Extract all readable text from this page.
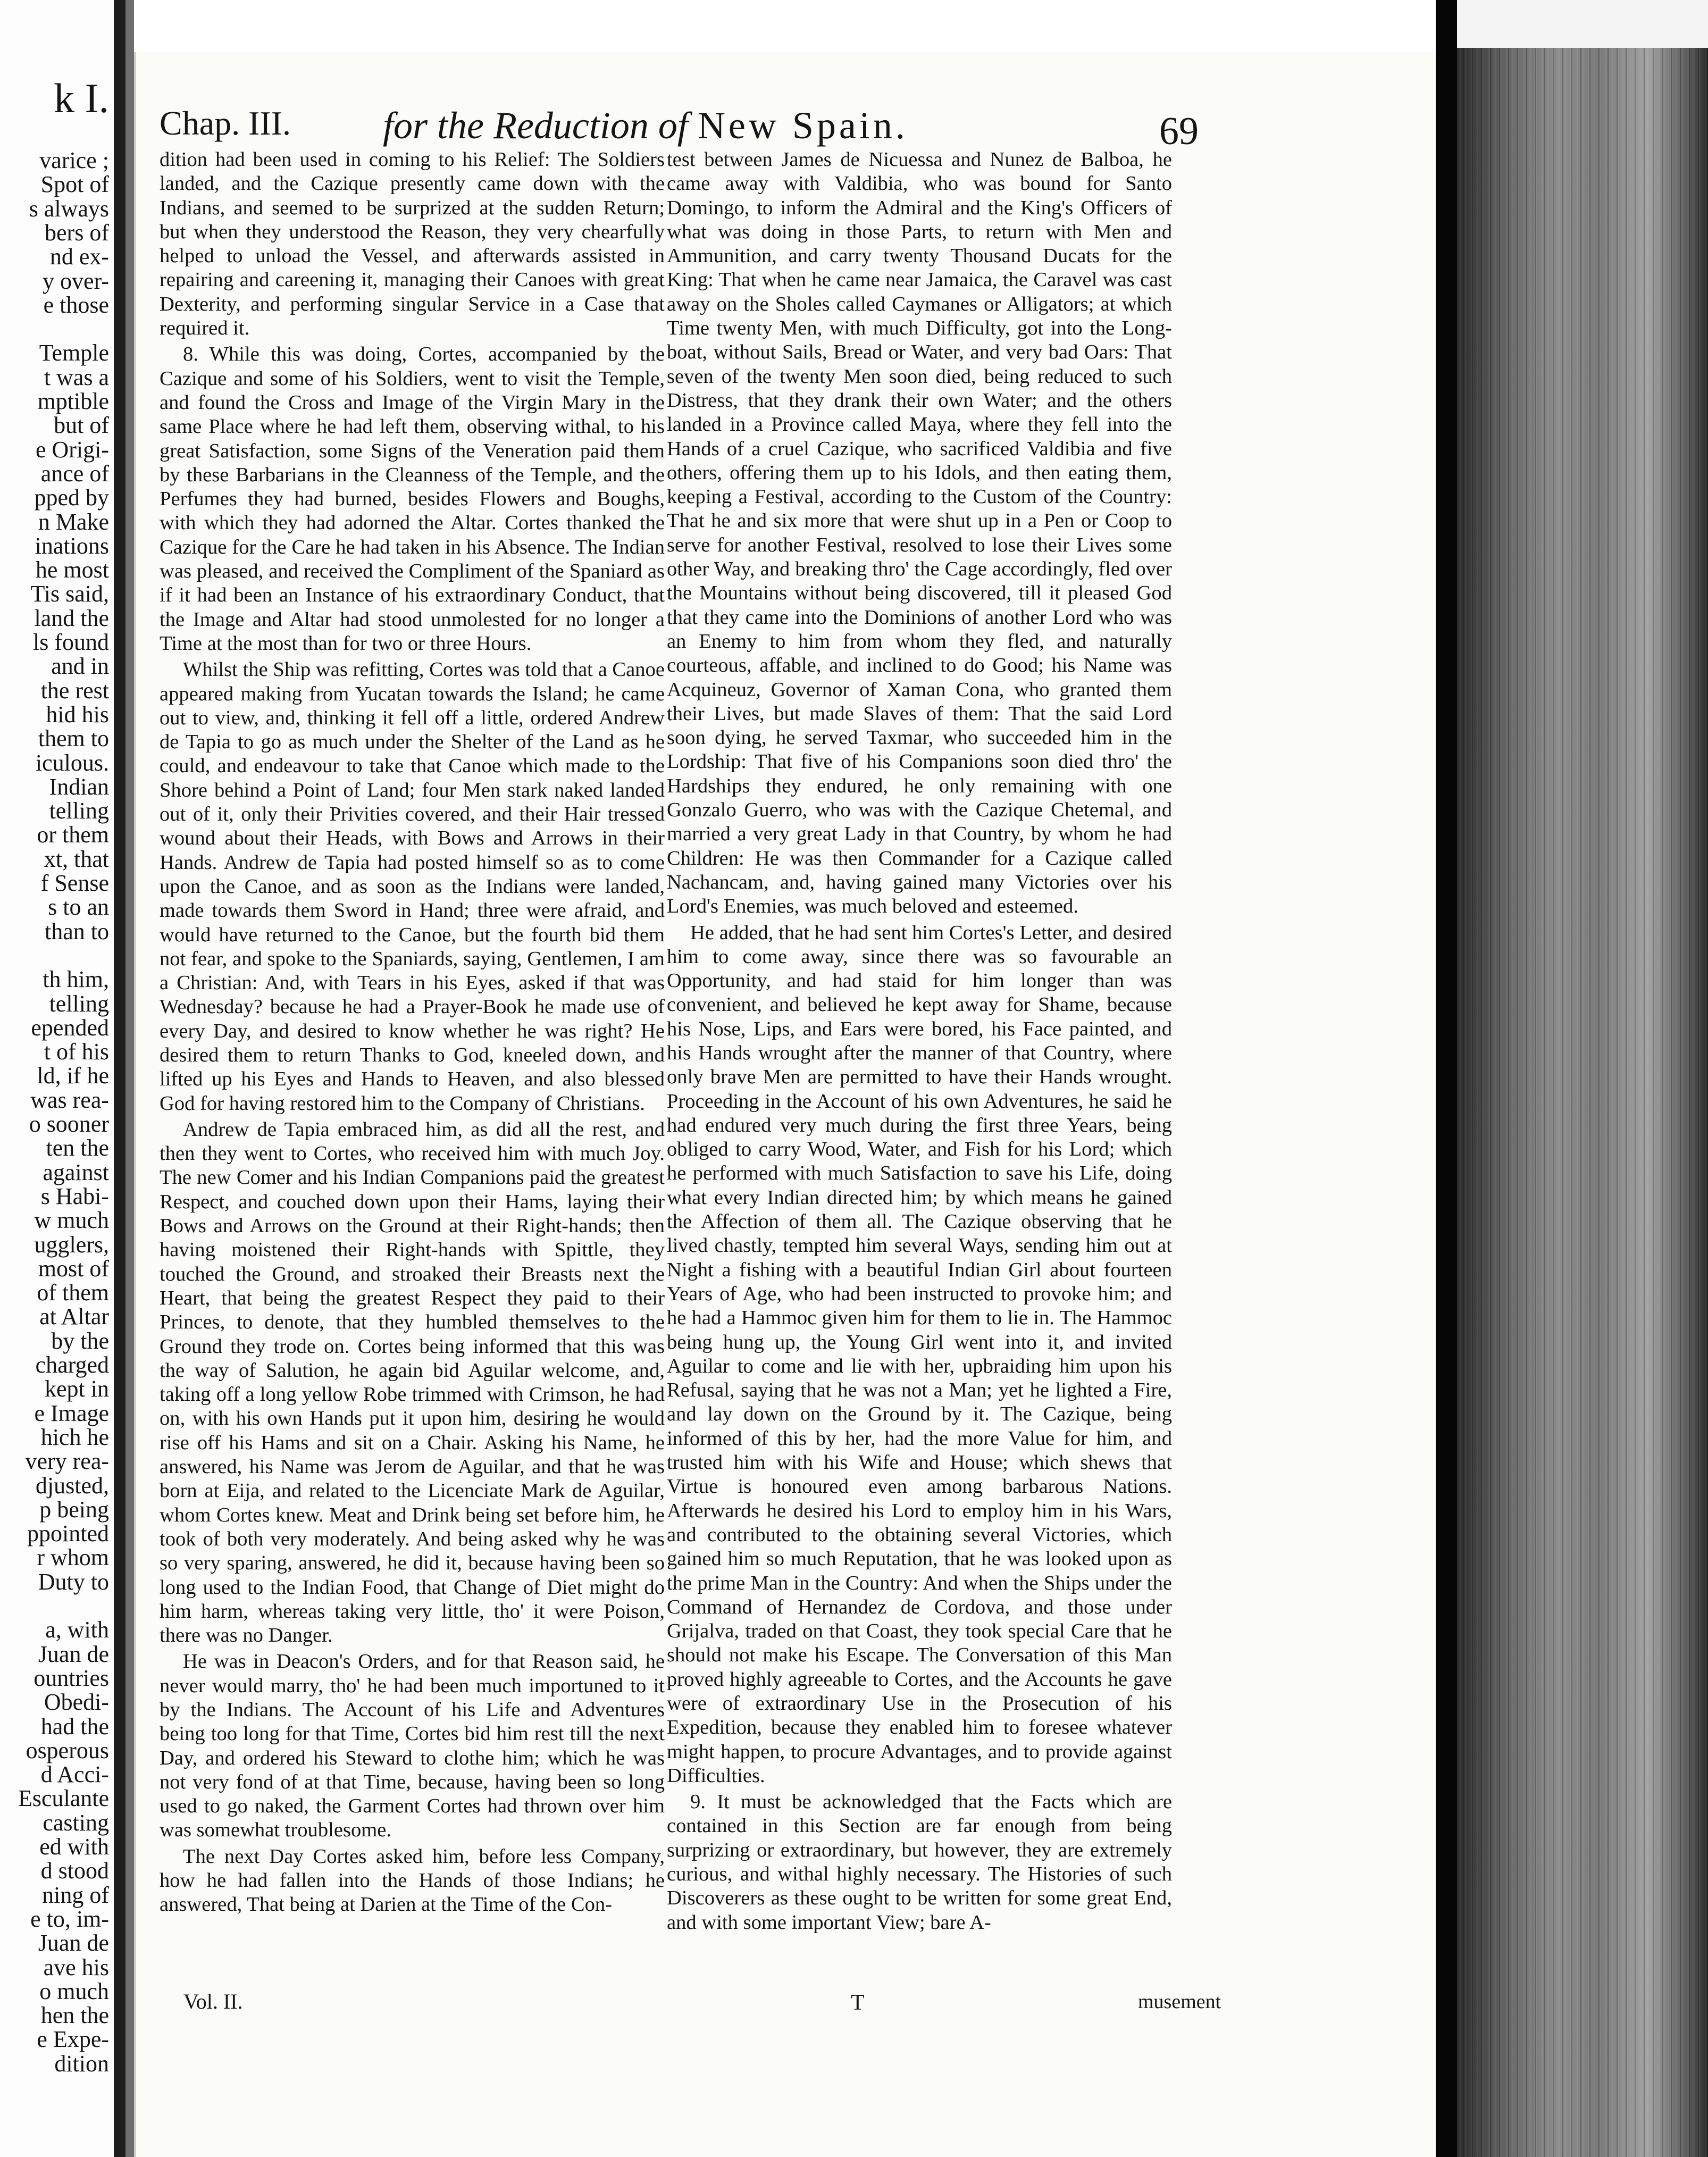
k I.
varice ;
Spot of
s always
bers of
nd ex-
y over-
e those
Temple
t was a
mptible
but of
e Origi-
ance of
pped by
n Make
inations
he most
Tis said,
land the
ls found
and in
the rest
hid his
them to
iculous.
Indian
telling
or them
xt, that
f Sense
s to an
than to
th him,
telling
epended
t of his
ld, if he
was rea-
o sooner
ten the
against
s Habi-
w much
ugglers,
most of
of them
at Altar
by the
charged
kept in
e Image
hich he
very rea-
djusted,
p being
ppointed
r whom
Duty to
a, with
Juan de
ountries
Obedi-
had the
osperous
d Acci-
Esculante
casting
ed with
d stood
ning of
e to, im-
Juan de
ave his
o much
hen the
e Expe-
dition
Chap. III. for the Reduction of New Spain.	69

dition had been used in coming to his Relief: The Soldiers landed, and the Cazique presently came down with the Indians, and seemed to be surprized at the sudden Return; but when they understood the Reason, they very chearfully helped to unload the Vessel, and afterwards assisted in repairing and careening it, managing their Canoes with great Dexterity, and performing singular Service in a Case that required it.

8. While this was doing, Cortes, accompanied by the Cazique and some of his Soldiers, went to visit the Temple, and found the Cross and Image of the Virgin Mary in the same Place where he had left them, observing withal, to his great Satisfaction, some Signs of the Veneration paid them by these Barbarians in the Cleanness of the Temple, and the Perfumes they had burned, besides Flowers and Boughs, with which they had adorned the Altar. Cortes thanked the Cazique for the Care he had taken in his Absence. The Indian was pleased, and received the Compliment of the Spaniard as if it had been an Instance of his extraordinary Conduct, that the Image and Altar had stood unmolested for no longer a Time at the most than for two or three Hours.

Whilst the Ship was refitting, Cortes was told that a Canoe appeared making from Yucatan towards the Island; he came out to view, and, thinking it fell off a little, ordered Andrew de Tapia to go as much under the Shelter of the Land as he could, and endeavour to take that Canoe which made to the Shore behind a Point of Land; four Men stark naked landed out of it, only their Privities covered, and their Hair tressed wound about their Heads, with Bows and Arrows in their Hands. Andrew de Tapia had posted himself so as to come upon the Canoe, and as soon as the Indians were landed, made towards them Sword in Hand; three were afraid, and would have returned to the Canoe, but the fourth bid them not fear, and spoke to the Spaniards, saying, Gentlemen, I am a Christian: And, with Tears in his Eyes, asked if that was Wednesday? because he had a Prayer-Book he made use of every Day, and desired to know whether he was right? He desired them to return Thanks to God, kneeled down, and lifted up his Eyes and Hands to Heaven, and also blessed God for having restored him to the Company of Christians.

Andrew de Tapia embraced him, as did all the rest, and then they went to Cortes, who received him with much Joy. The new Comer and his Indian Companions paid the greatest Respect, and couched down upon their Hams, laying their Bows and Arrows on the Ground at their Right-hands; then having moistened their Right-hands with Spittle, they touched the Ground, and stroaked their Breasts next the Heart, that being the greatest Respect they paid to their Princes, to denote, that they humbled themselves to the Ground they trode on. Cortes being informed that this was the way of Salution, he again bid Aguilar welcome, and, taking off a long yellow Robe trimmed with Crimson, he had on, with his own Hands put it upon him, desiring he would rise off his Hams and sit on a Chair. Asking his Name, he answered, his Name was Jerom de Aguilar, and that he was born at Eija, and related to the Licenciate Mark de Aguilar, whom Cortes knew. Meat and Drink being set before him, he took of both very moderately. And being asked why he was so very sparing, answered, he did it, because having been so long used to the Indian Food, that Change of Diet might do him harm, whereas taking very little, tho' it were Poison, there was no Danger.

He was in Deacon's Orders, and for that Reason said, he never would marry, tho' he had been much importuned to it by the Indians. The Account of his Life and Adventures being too long for that Time, Cortes bid him rest till the next Day, and ordered his Steward to clothe him; which he was not very fond of at that Time, because, having been so long used to go naked, the Garment Cortes had thrown over him was somewhat troublesome.

The next Day Cortes asked him, before less Company, how he had fallen into the Hands of those Indians; he answered, That being at Darien at the Time of the Con-

test between James de Nicuessa and Nunez de Balboa, he came away with Valdibia, who was bound for Santo Domingo, to inform the Admiral and the King's Officers of what was doing in those Parts, to return with Men and Ammunition, and carry twenty Thousand Ducats for the King: That when he came near Jamaica, the Caravel was cast away on the Sholes called Caymanes or Alligators; at which Time twenty Men, with much Difficulty, got into the Long-boat, without Sails, Bread or Water, and very bad Oars: That seven of the twenty Men soon died, being reduced to such Distress, that they drank their own Water; and the others landed in a Province called Maya, where they fell into the Hands of a cruel Cazique, who sacrificed Valdibia and five others, offering them up to his Idols, and then eating them, keeping a Festival, according to the Custom of the Country: That he and six more that were shut up in a Pen or Coop to serve for another Festival, resolved to lose their Lives some other Way, and breaking thro' the Cage accordingly, fled over the Mountains without being discovered, till it pleased God that they came into the Dominions of another Lord who was an Enemy to him from whom they fled, and naturally courteous, affable, and inclined to do Good; his Name was Acquineuz, Governor of Xaman Cona, who granted them their Lives, but made Slaves of them: That the said Lord soon dying, he served Taxmar, who succeeded him in the Lordship: That five of his Companions soon died thro' the Hardships they endured, he only remaining with one Gonzalo Guerro, who was with the Cazique Chetemal, and married a very great Lady in that Country, by whom he had Children: He was then Commander for a Cazique called Nachancam, and, having gained many Victories over his Lord's Enemies, was much beloved and esteemed.

He added, that he had sent him Cortes's Letter, and desired him to come away, since there was so favourable an Opportunity, and had staid for him longer than was convenient, and believed he kept away for Shame, because his Nose, Lips, and Ears were bored, his Face painted, and his Hands wrought after the manner of that Country, where only brave Men are permitted to have their Hands wrought. Proceeding in the Account of his own Adventures, he said he had endured very much during the first three Years, being obliged to carry Wood, Water, and Fish for his Lord; which he performed with much Satisfaction to save his Life, doing what every Indian directed him; by which means he gained the Affection of them all. The Cazique observing that he lived chastly, tempted him several Ways, sending him out at Night a fishing with a beautiful Indian Girl about fourteen Years of Age, who had been instructed to provoke him; and he had a Hammoc given him for them to lie in. The Hammoc being hung up, the Young Girl went into it, and invited Aguilar to come and lie with her, upbraiding him upon his Refusal, saying that he was not a Man; yet he lighted a Fire, and lay down on the Ground by it. The Cazique, being informed of this by her, had the more Value for him, and trusted him with his Wife and House; which shews that Virtue is honoured even among barbarous Nations. Afterwards he desired his Lord to employ him in his Wars, and contributed to the obtaining several Victories, which gained him so much Reputation, that he was looked upon as the prime Man in the Country: And when the Ships under the Command of Hernandez de Cordova, and those under Grijalva, traded on that Coast, they took special Care that he should not make his Escape. The Conversation of this Man proved highly agreeable to Cortes, and the Accounts he gave were of extraordinary Use in the Prosecution of his Expedition, because they enabled him to foresee whatever might happen, to procure Advantages, and to provide against Difficulties.

9. It must be acknowledged that the Facts which are contained in this Section are far enough from being surprizing or extraordinary, but however, they are extremely curious, and withal highly necessary. The Histories of such Discoverers as these ought to be written for some great End, and with some important View; bare A-

Vol. II.	T	musement
